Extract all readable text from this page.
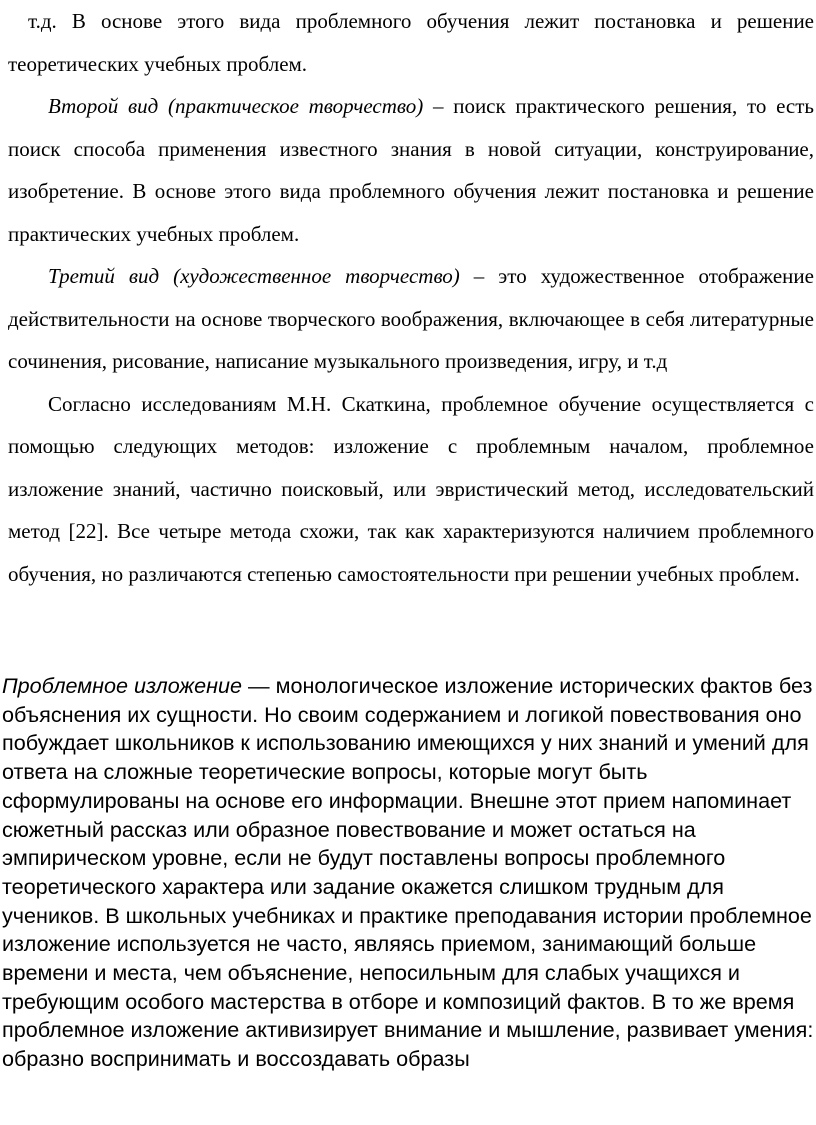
т.д. В основе этого вида проблемного обучения лежит постановка и решение теоретических учебных проблем.

Второй вид (практическое творчество) – поиск практического решения, то есть поиск способа применения известного знания в новой ситуации, конструирование, изобретение. В основе этого вида проблемного обучения лежит постановка и решение практических учебных проблем.

Третий вид (художественное творчество) – это художественное отображение действительности на основе творческого воображения, включающее в себя литературные сочинения, рисование, написание музыкального произведения, игру, и т.д

Согласно исследованиям М.Н. Скаткина, проблемное обучение осуществляется с помощью следующих методов: изложение с проблемным началом, проблемное изложение знаний, частично поисковый, или эвристический метод, исследовательский метод [22]. Все четыре метода схожи, так как характеризуются наличием проблемного обучения, но различаются степенью самостоятельности при решении учебных проблем.

Проблемное изложение — монологическое изложение исторических фактов без объяснения их сущности. Но своим содержанием и логикой повествования оно побуждает школьников к использованию имеющихся у них знаний и умений для ответа на сложные теоретические вопросы, которые могут быть сформулированы на основе его информации. Внешне этот прием напоминает сюжетный рассказ или образное повествование и может остаться на эмпирическом уровне, если не будут поставлены вопросы проблемного теоретического характера или задание окажется слишком трудным для учеников. В школьных учебниках и практике преподавания истории проблемное изложение используется не часто, являясь приемом, занимающий больше времени и места, чем объяснение, непосильным для слабых учащихся и требующим особого мастерства в отборе и композиций фактов. В то же время проблемное изложение активизирует внимание и мышление, развивает умения: образно воспринимать и воссоздавать образы
